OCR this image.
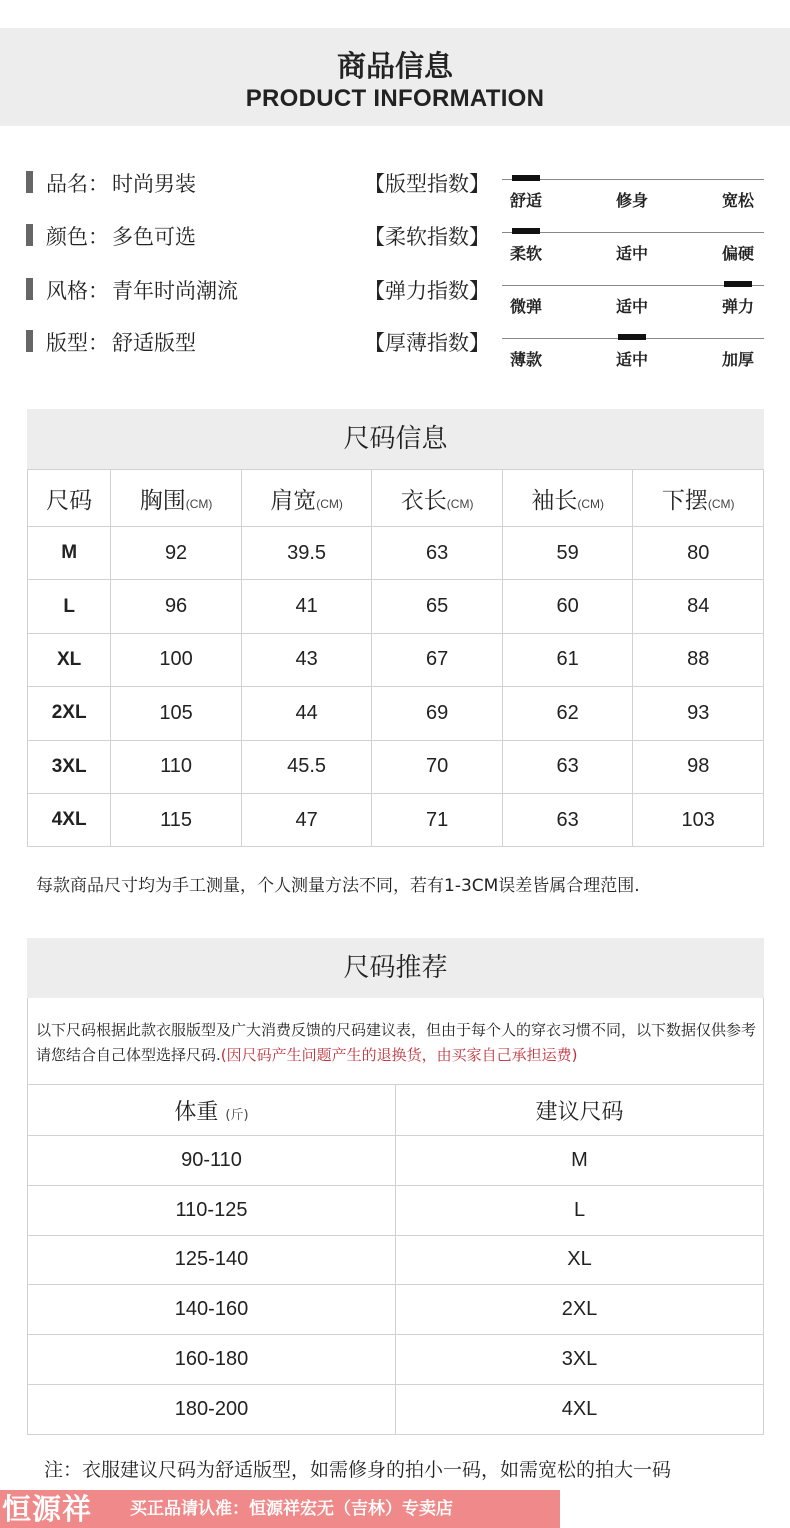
商品信息
PRODUCT INFORMATION
品名： 时尚男装
颜色： 多色可选
风格： 青年时尚潮流
版型： 舒适版型
【版型指数】
【柔软指数】
【弹力指数】
【厚薄指数】
舒适	修身	宽松
柔软	适中	偏硬
微弹	适中	弹力
薄款	适中	加厚
尺码信息
尺码	胸围(CM)	肩宽(CM)	衣长(CM)	袖长(CM)	下摆(CM)
M	92	39.5	63	59	80
L	96	41	65	60	84
XL	100	43	67	61	88
2XL	105	44	69	62	93
3XL	110	45.5	70	63	98
4XL	115	47	71	63	103
每款商品尺寸均为手工测量，个人测量方法不同，若有1-3CM误差皆属合理范围.
尺码推荐
以下尺码根据此款衣服版型及广大消费反馈的尺码建议表，但由于每个人的穿衣习惯不同，以下数据仅供参考请您结合自己体型选择尺码.(因尺码产生问题产生的退换货，由买家自己承担运费)
体重 (斤)	建议尺码
90-110	M
110-125	L
125-140	XL
140-160	2XL
160-180	3XL
180-200	4XL
注：衣服建议尺码为舒适版型，如需修身的拍小一码，如需宽松的拍大一码
恒源祥 买正品请认准：恒源祥宏无（吉林）专卖店
